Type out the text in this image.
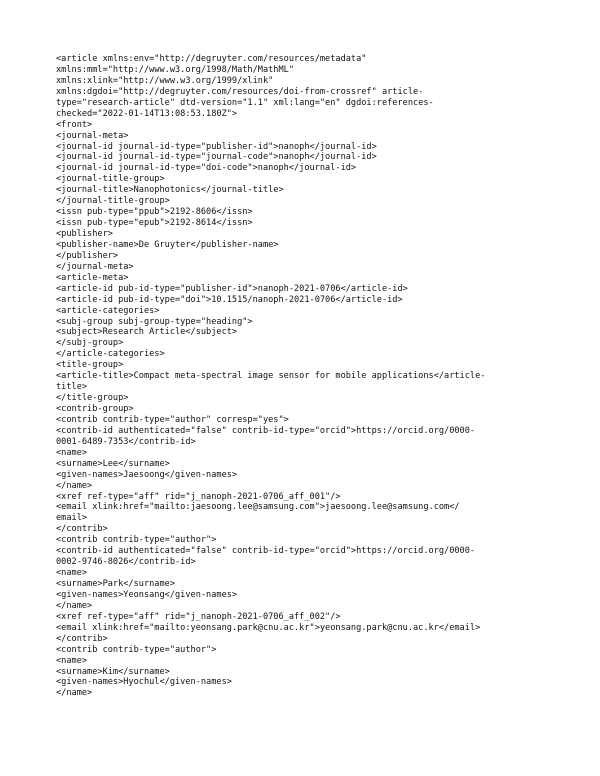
<article xmlns:env="http://degruyter.com/resources/metadata"
xmlns:mml="http://www.w3.org/1998/Math/MathML"
xmlns:xlink="http://www.w3.org/1999/xlink"
xmlns:dgdoi="http://degruyter.com/resources/doi-from-crossref" article-
type="research-article" dtd-version="1.1" xml:lang="en" dgdoi:references-
checked="2022-01-14T13:08:53.180Z">
<front>
<journal-meta>
<journal-id journal-id-type="publisher-id">nanoph</journal-id>
<journal-id journal-id-type="journal-code">nanoph</journal-id>
<journal-id journal-id-type="doi-code">nanoph</journal-id>
<journal-title-group>
<journal-title>Nanophotonics</journal-title>
</journal-title-group>
<issn pub-type="ppub">2192-8606</issn>
<issn pub-type="epub">2192-8614</issn>
<publisher>
<publisher-name>De Gruyter</publisher-name>
</publisher>
</journal-meta>
<article-meta>
<article-id pub-id-type="publisher-id">nanoph-2021-0706</article-id>
<article-id pub-id-type="doi">10.1515/nanoph-2021-0706</article-id>
<article-categories>
<subj-group subj-group-type="heading">
<subject>Research Article</subject>
</subj-group>
</article-categories>
<title-group>
<article-title>Compact meta-spectral image sensor for mobile applications</article-
title>
</title-group>
<contrib-group>
<contrib contrib-type="author" corresp="yes">
<contrib-id authenticated="false" contrib-id-type="orcid">https://orcid.org/0000-
0001-6489-7353</contrib-id>
<name>
<surname>Lee</surname>
<given-names>Jaesoong</given-names>
</name>
<xref ref-type="aff" rid="j_nanoph-2021-0706_aff_001"/>
<email xlink:href="mailto:jaesoong.lee@samsung.com">jaesoong.lee@samsung.com</
email>
</contrib>
<contrib contrib-type="author">
<contrib-id authenticated="false" contrib-id-type="orcid">https://orcid.org/0000-
0002-9746-8026</contrib-id>
<name>
<surname>Park</surname>
<given-names>Yeonsang</given-names>
</name>
<xref ref-type="aff" rid="j_nanoph-2021-0706_aff_002"/>
<email xlink:href="mailto:yeonsang.park@cnu.ac.kr">yeonsang.park@cnu.ac.kr</email>
</contrib>
<contrib contrib-type="author">
<name>
<surname>Kim</surname>
<given-names>Hyochul</given-names>
</name>
